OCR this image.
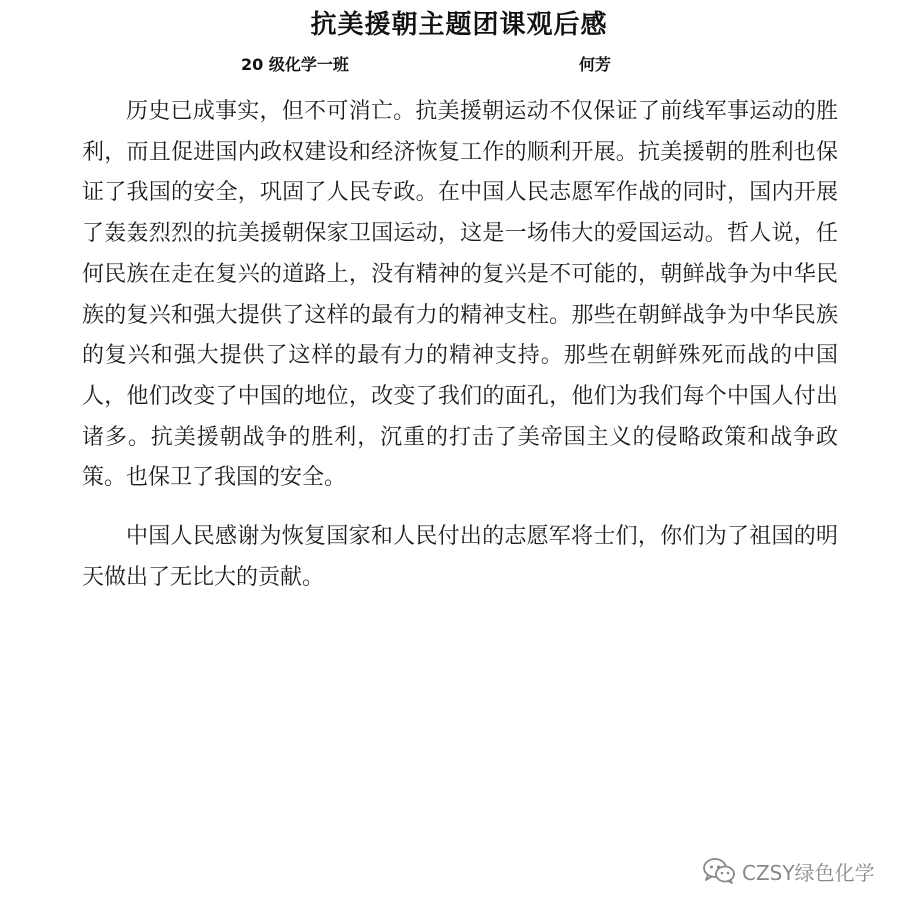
抗美援朝主题团课观后感
20 级化学一班	何芳

历史已成事实，但不可消亡。抗美援朝运动不仅保证了前线军事运动的胜利，而且促进国内政权建设和经济恢复工作的顺利开展。抗美援朝的胜利也保证了我国的安全，巩固了人民专政。在中国人民志愿军作战的同时，国内开展了轰轰烈烈的抗美援朝保家卫国运动，这是一场伟大的爱国运动。哲人说，任何民族在走在复兴的道路上，没有精神的复兴是不可能的，朝鲜战争为中华民族的复兴和强大提供了这样的最有力的精神支柱。那些在朝鲜战争为中华民族的复兴和强大提供了这样的最有力的精神支持。那些在朝鲜殊死而战的中国人，他们改变了中国的地位，改变了我们的面孔，他们为我们每个中国人付出诸多。抗美援朝战争的胜利，沉重的打击了美帝国主义的侵略政策和战争政策。也保卫了我国的安全。

中国人民感谢为恢复国家和人民付出的志愿军将士们，你们为了祖国的明天做出了无比大的贡献。

CZSY绿色化学
